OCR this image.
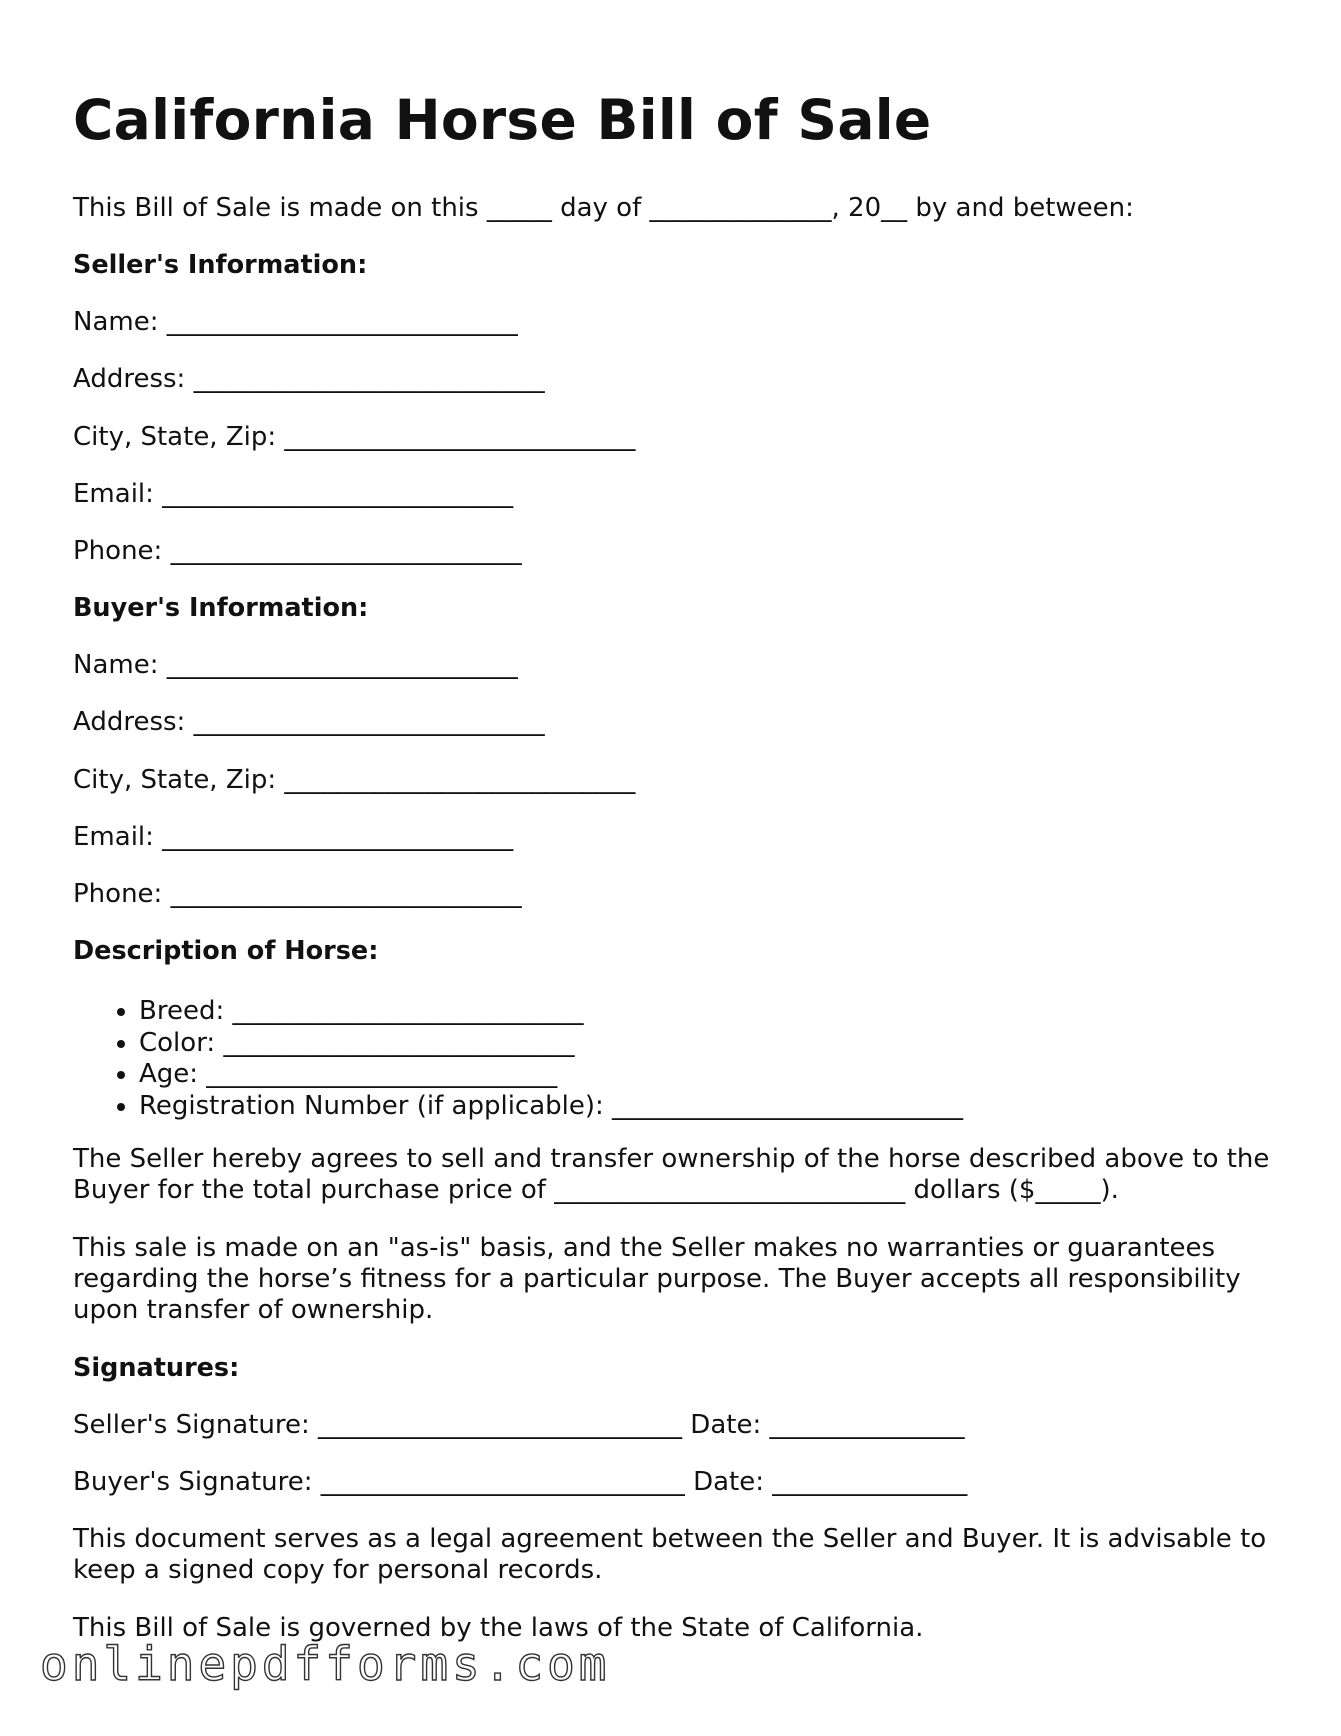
California Horse Bill of Sale

This Bill of Sale is made on this _____ day of ______________, 20__ by and between:

Seller's Information:

Name: ___________________________

Address: ___________________________

City, State, Zip: ___________________________

Email: ___________________________

Phone: ___________________________

Buyer's Information:

Name: ___________________________

Address: ___________________________

City, State, Zip: ___________________________

Email: ___________________________

Phone: ___________________________

Description of Horse:

• Breed: ___________________________
• Color: ___________________________
• Age: ___________________________
• Registration Number (if applicable): ___________________________

The Seller hereby agrees to sell and transfer ownership of the horse described above to the Buyer for the total purchase price of ___________________________ dollars ($_____).

This sale is made on an "as-is" basis, and the Seller makes no warranties or guarantees regarding the horse’s fitness for a particular purpose. The Buyer accepts all responsibility upon transfer of ownership.

Signatures:

Seller's Signature: ____________________________ Date: _______________

Buyer's Signature: ____________________________ Date: _______________

This document serves as a legal agreement between the Seller and Buyer. It is advisable to keep a signed copy for personal records.

This Bill of Sale is governed by the laws of the State of California.

onlinepdfforms.com
